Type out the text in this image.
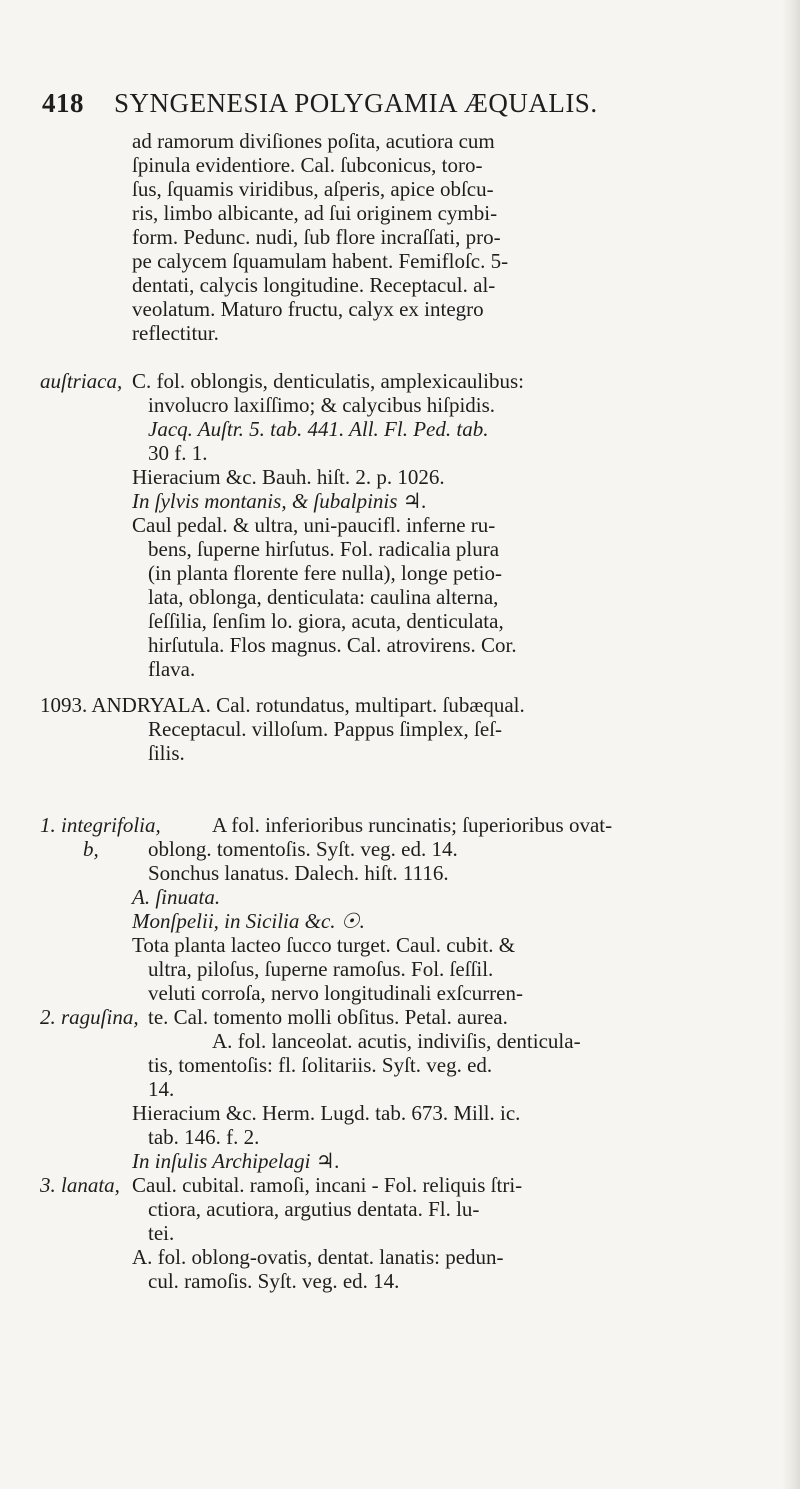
418 SYNGENESIA POLYGAMIA ÆQUALIS.
auſtriaca,
1. integrifolia,
b,
2. raguſina,
3. lanata,
ad ramorum diviſiones poſita, acutiora cum
ſpinula evidentiore. Cal. ſubconicus, toro-
ſus, ſquamis viridibus, aſperis, apice obſcu-
ris, limbo albicante, ad ſui originem cymbi-
form. Pedunc. nudi, ſub flore incraſſati, pro-
pe calycem ſquamulam habent. Femifloſc. 5-
dentati, calycis longitudine. Receptacul. al-
veolatum. Maturo fructu, calyx ex integro
reflectitur.
C. fol. oblongis, denticulatis, amplexicaulibus:
involucro laxiſſimo; & calycibus hiſpidis.
Jacq. Auſtr. 5. tab. 441. All. Fl. Ped. tab.
30 f. 1.
Hieracium &c. Bauh. hiſt. 2. p. 1026.
In ſylvis montanis, & ſubalpinis ♃.
Caul pedal. & ultra, uni-paucifl. inferne ru-
bens, ſuperne hirſutus. Fol. radicalia plura
(in planta florente fere nulla), longe petio-
lata, oblonga, denticulata: caulina alterna,
ſeſſilia, ſenſim lo. giora, acuta, denticulata,
hirſutula. Flos magnus. Cal. atrovirens. Cor.
flava.
1093. ANDRYALA. Cal. rotundatus, multipart. ſubæqual.
Receptacul. villoſum. Pappus ſimplex, ſeſ-
ſilis.
A fol. inferioribus runcinatis; ſuperioribus ovat-
oblong. tomentoſis. Syſt. veg. ed. 14.
Sonchus lanatus. Dalech. hiſt. 1116.
A. ſinuata.
Monſpelii, in Sicilia &c. ☉.
Tota planta lacteo ſucco turget. Caul. cubit. &
ultra, piloſus, ſuperne ramoſus. Fol. ſeſſil.
veluti corroſa, nervo longitudinali exſcurren-
te. Cal. tomento molli obſitus. Petal. aurea.
A. fol. lanceolat. acutis, indiviſis, denticula-
tis, tomentoſis: fl. ſolitariis. Syſt. veg. ed.
14.
Hieracium &c. Herm. Lugd. tab. 673. Mill. ic.
tab. 146. f. 2.
In inſulis Archipelagi ♃.
Caul. cubital. ramoſi, incani - Fol. reliquis ſtri-
ctiora, acutiora, argutius dentata. Fl. lu-
tei.
A. fol. oblong-ovatis, dentat. lanatis: pedun-
cul. ramoſis. Syſt. veg. ed. 14.
